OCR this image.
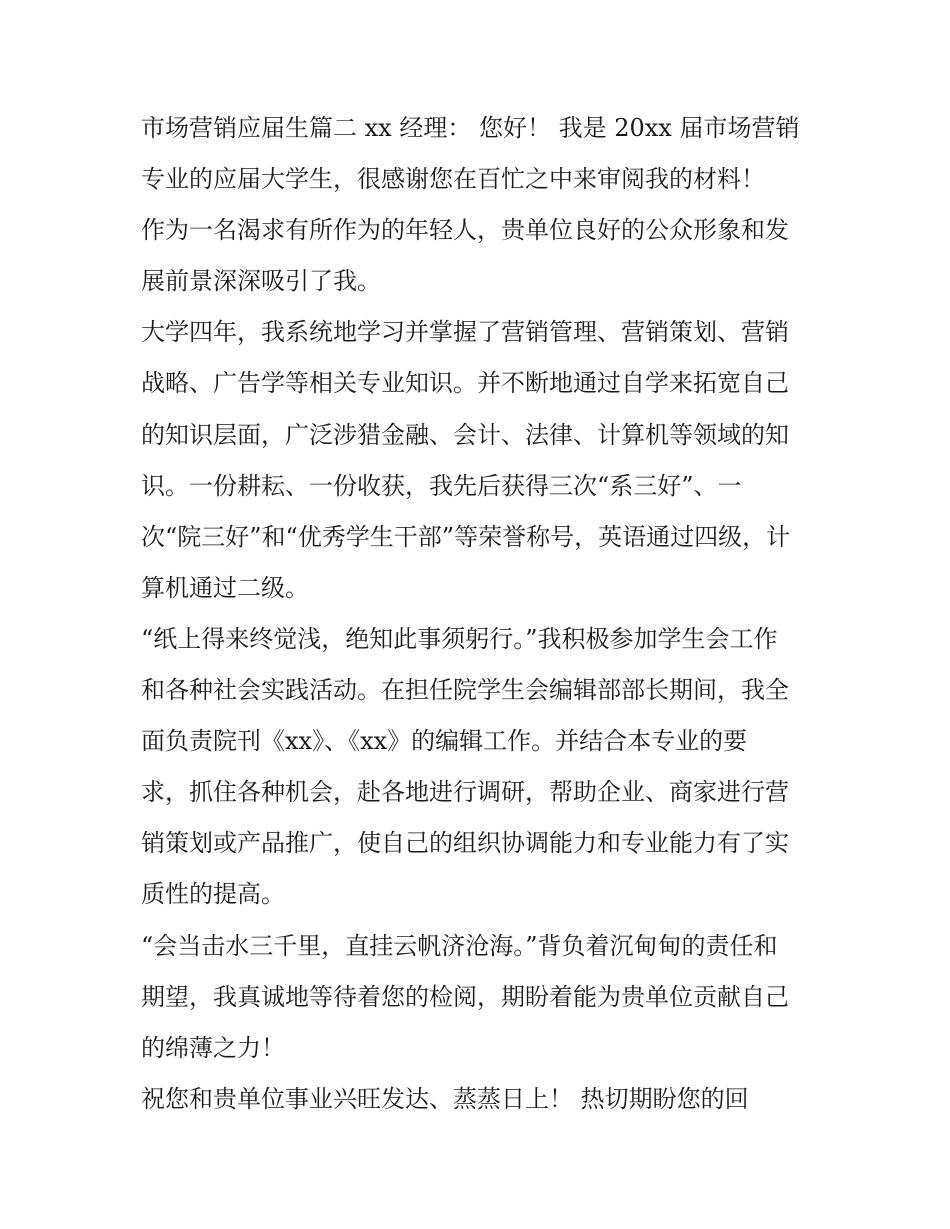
市场营销应届生篇二 xx 经理： 您好！ 我是 20xx 届市场营销
专业的应届大学生，很感谢您在百忙之中来审阅我的材料！
作为一名渴求有所作为的年轻人，贵单位良好的公众形象和发
展前景深深吸引了我。
大学四年，我系统地学习并掌握了营销管理、营销策划、营销
战略、广告学等相关专业知识。并不断地通过自学来拓宽自己
的知识层面，广泛涉猎金融、会计、法律、计算机等领域的知
识。一份耕耘、一份收获，我先后获得三次“系三好”、一
次“院三好”和“优秀学生干部”等荣誉称号，英语通过四级，计
算机通过二级。
“纸上得来终觉浅，绝知此事须躬行。”我积极参加学生会工作
和各种社会实践活动。在担任院学生会编辑部部长期间，我全
面负责院刊《xx》、《xx》的编辑工作。并结合本专业的要
求，抓住各种机会，赴各地进行调研，帮助企业、商家进行营
销策划或产品推广，使自己的组织协调能力和专业能力有了实
质性的提高。
“会当击水三千里，直挂云帆济沧海。”背负着沉甸甸的责任和
期望，我真诚地等待着您的检阅，期盼着能为贵单位贡献自己
的绵薄之力！
祝您和贵单位事业兴旺发达、蒸蒸日上！ 热切期盼您的回
